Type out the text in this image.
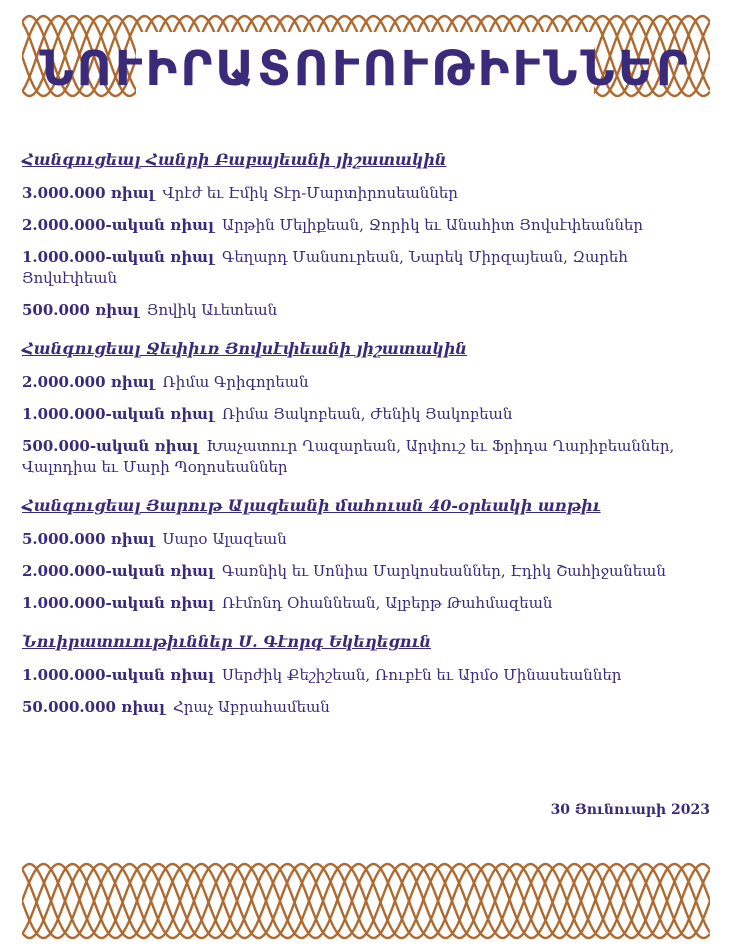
ՆՈՒԻՐԱՏՈՒՈՒԹԻՒՆՆԵՐ
Հանգուցեալ Հանրի Բաբայեանի յիշատակին
3.000.000 ռիալ Վրէժ եւ Էմիկ Տէր-Մարտիրոսեաններ
2.000.000-ական ռիալ Արթին Մելիքեան, Ջորիկ եւ Անահիտ Յովսէփեաններ
1.000.000-ական ռիալ Գեղարդ Մանսուրեան, Նարեկ Միրզայեան, Զարեհ Յովսէփեան
500.000 ռիալ Յովիկ Աւետեան
Հանգուցեալ Ջեփիւռ Յովսէփեանի յիշատակին
2.000.000 ռիալ Ռիմա Գրիգորեան
1.000.000-ական ռիալ Ռիմա Յակոբեան, Ժենիկ Յակոբեան
500.000-ական ռիալ Խաչատուր Ղազարեան, Արփուշ եւ Ֆրիդա Ղարիբեաններ, Վալոդիա եւ Մարի Պօղոսեաններ
Հանգուցեալ Յարութ Ալազեանի մահուան 40-օրեակի առթիւ
5.000.000 ռիալ Սարօ Ալազեան
2.000.000-ական ռիալ Գառնիկ եւ Սոնիա Մարկոսեաններ, Էդիկ Շահիջանեան
1.000.000-ական ռիալ Ռէմոնդ Օհաննեան, Ալբերթ Թահմազեան
Նուիրատուութիւններ Ս. Գէորգ Եկեղեցուն
1.000.000-ական ռիալ Սերժիկ Քեշիշեան, Ռուբէն եւ Արմօ Մինասեաններ
50.000.000 ռիալ Հրաչ Աբրահամեան
30 Յունուարի 2023
